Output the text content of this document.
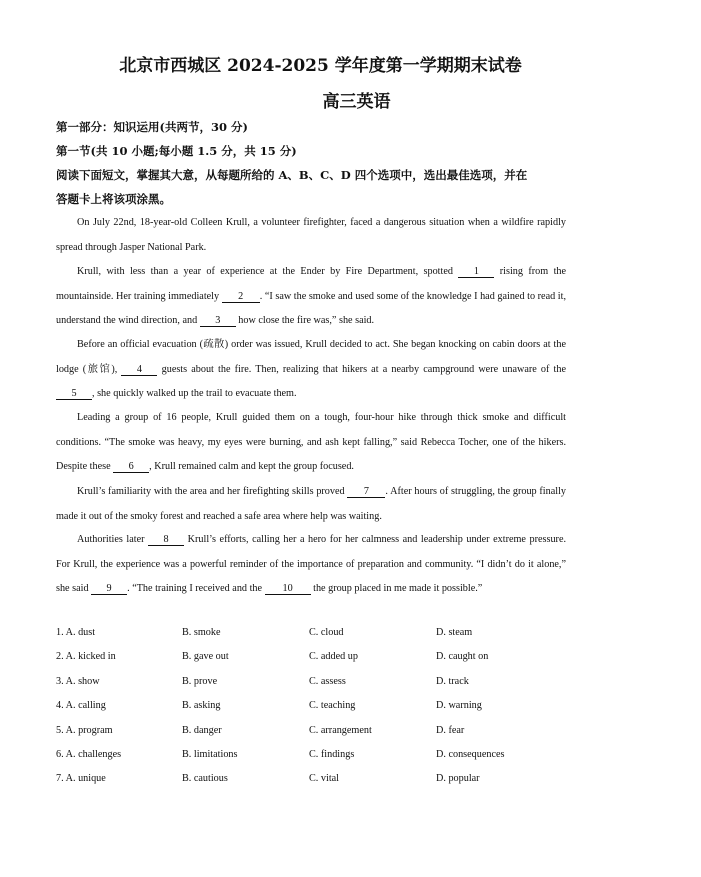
北京市西城区 2024-2025 学年度第一学期期末试卷
高三英语
第一部分：知识运用(共两节，30 分)
第一节(共 10 小题;每小题 1.5 分，共 15 分)
阅读下面短文，掌握其大意，从每题所给的 A、B、C、D 四个选项中，选出最佳选项，并在
答题卡上将该项涂黑。
On July 22nd, 18-year-old Colleen Krull, a volunteer firefighter, faced a dangerous situation when a wildfire rapidly spread through Jasper National Park.
Krull, with less than a year of experience at the Ender by Fire Department, spotted 1 rising from the mountainside. Her training immediately 2 . “I saw the smoke and used some of the knowledge I had gained to read it, understand the wind direction, and 3 how close the fire was,” she said.
Before an official evacuation (疏散) order was issued, Krull decided to act. She began knocking on cabin doors at the lodge (旅馆), 4 guests about the fire. Then, realizing that hikers at a nearby campground were unaware of the 5 , she quickly walked up the trail to evacuate them.
Leading a group of 16 people, Krull guided them on a tough, four-hour hike through thick smoke and difficult conditions. “The smoke was heavy, my eyes were burning, and ash kept falling,” said Rebecca Tocher, one of the hikers. Despite these 6 , Krull remained calm and kept the group focused.
Krull’s familiarity with the area and her firefighting skills proved 7 . After hours of struggling, the group finally made it out of the smoky forest and reached a safe area where help was waiting.
Authorities later 8 Krull’s efforts, calling her a hero for her calmness and leadership under extreme pressure. For Krull, the experience was a powerful reminder of the importance of preparation and community. “I didn’t do it alone,” she said 9 . “The training I received and the 10 the group placed in me made it possible.”
1. A. dust	B. smoke	C. cloud	D. steam
2. A. kicked in	B. gave out	C. added up	D. caught on
3. A. show	B. prove	C. assess	D. track
4. A. calling	B. asking	C. teaching	D. warning
5. A. program	B. danger	C. arrangement	D. fear
6. A. challenges	B. limitations	C. findings	D. consequences
7. A. unique	B. cautious	C. vital	D. popular
